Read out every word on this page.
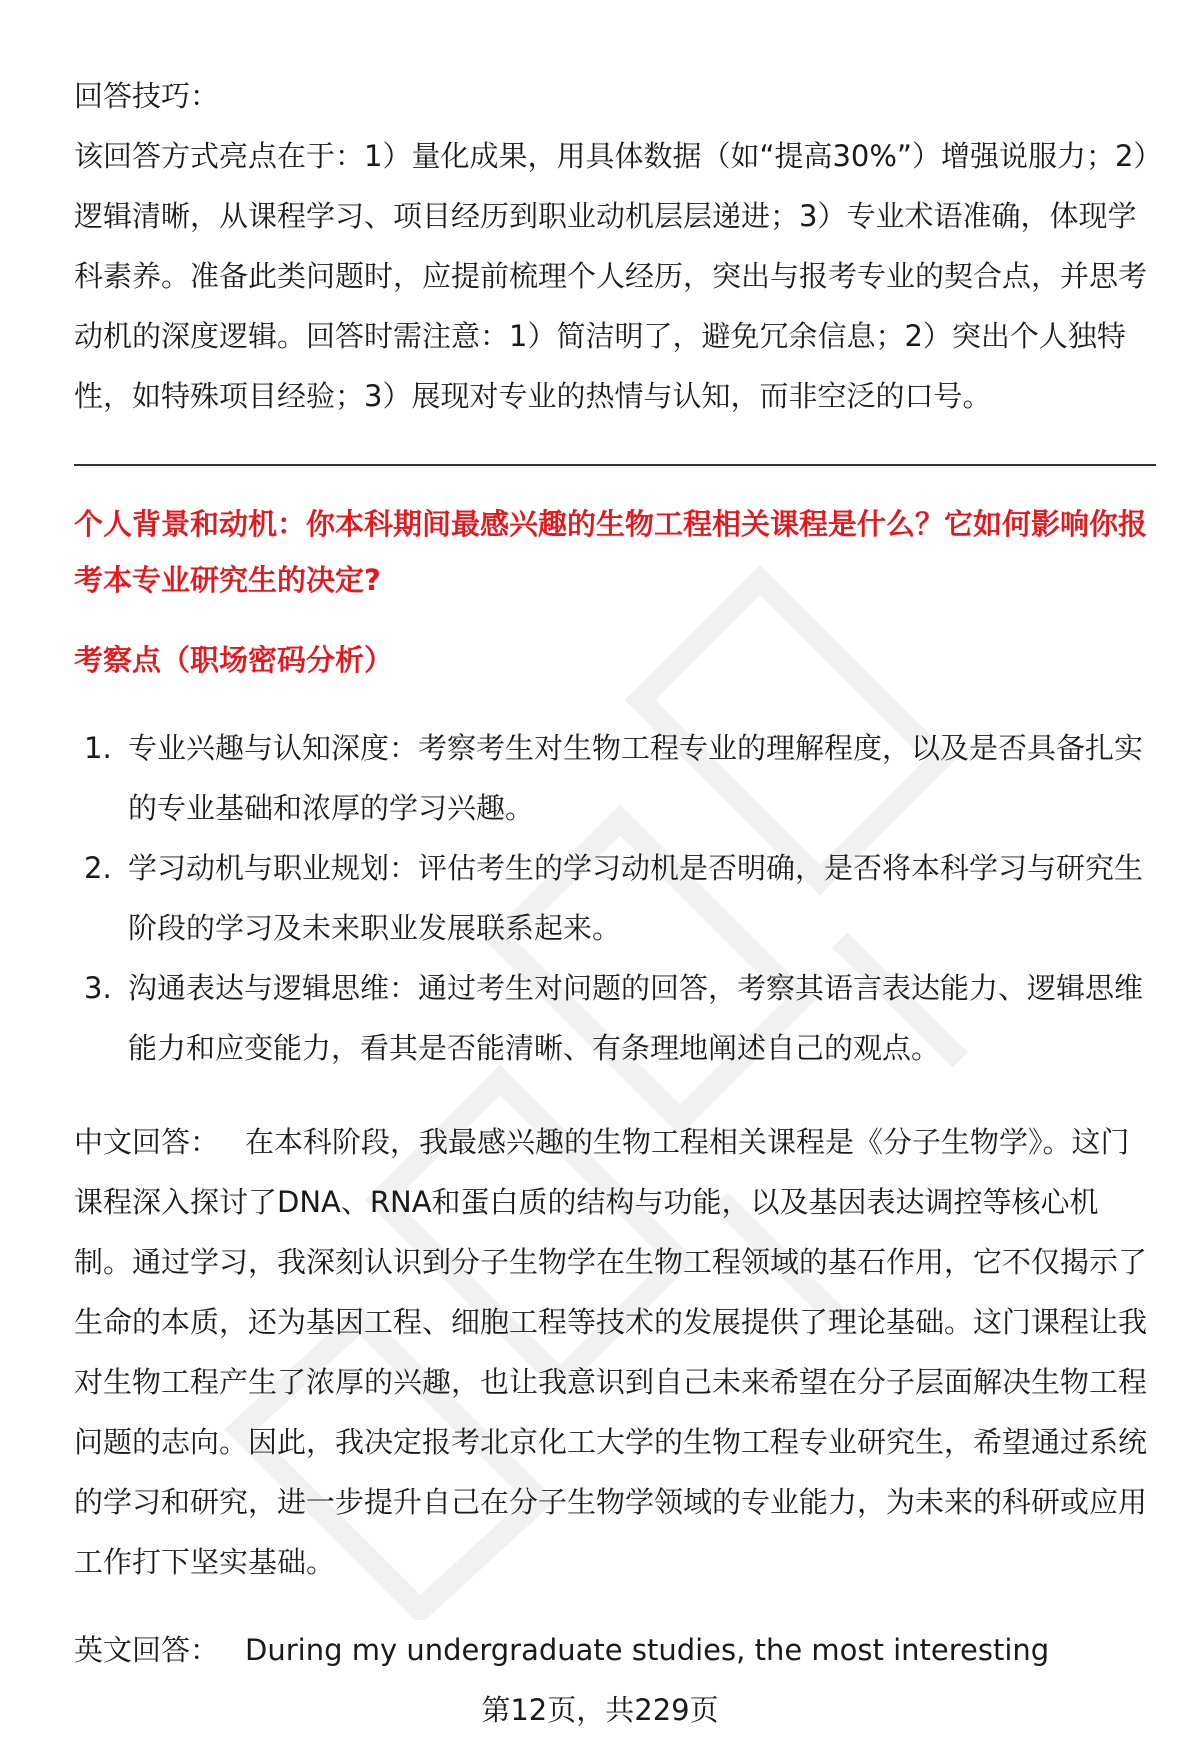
回答技巧：

该回答方式亮点在于：1）量化成果，用具体数据（如“提高30%”）增强说服力；2）逻辑清晰，从课程学习、项目经历到职业动机层层递进；3）专业术语准确，体现学科素养。准备此类问题时，应提前梳理个人经历，突出与报考专业的契合点，并思考动机的深度逻辑。回答时需注意：1）简洁明了，避免冗余信息；2）突出个人独特性，如特殊项目经验；3）展现对专业的热情与认知，而非空泛的口号。

个人背景和动机：你本科期间最感兴趣的生物工程相关课程是什么？它如何影响你报考本专业研究生的决定?

考察点（职场密码分析）

1. 专业兴趣与认知深度：考察考生对生物工程专业的理解程度，以及是否具备扎实的专业基础和浓厚的学习兴趣。
2. 学习动机与职业规划：评估考生的学习动机是否明确，是否将本科学习与研究生阶段的学习及未来职业发展联系起来。
3. 沟通表达与逻辑思维：通过考生对问题的回答，考察其语言表达能力、逻辑思维能力和应变能力，看其是否能清晰、有条理地阐述自己的观点。

中文回答： 在本科阶段，我最感兴趣的生物工程相关课程是《分子生物学》。这门课程深入探讨了DNA、RNA和蛋白质的结构与功能，以及基因表达调控等核心机制。通过学习，我深刻认识到分子生物学在生物工程领域的基石作用，它不仅揭示了生命的本质，还为基因工程、细胞工程等技术的发展提供了理论基础。这门课程让我对生物工程产生了浓厚的兴趣，也让我意识到自己未来希望在分子层面解决生物工程问题的志向。因此，我决定报考北京化工大学的生物工程专业研究生，希望通过系统的学习和研究，进一步提升自己在分子生物学领域的专业能力，为未来的科研或应用工作打下坚实基础。

英文回答： During my undergraduate studies, the most interesting

第12页，共229页
